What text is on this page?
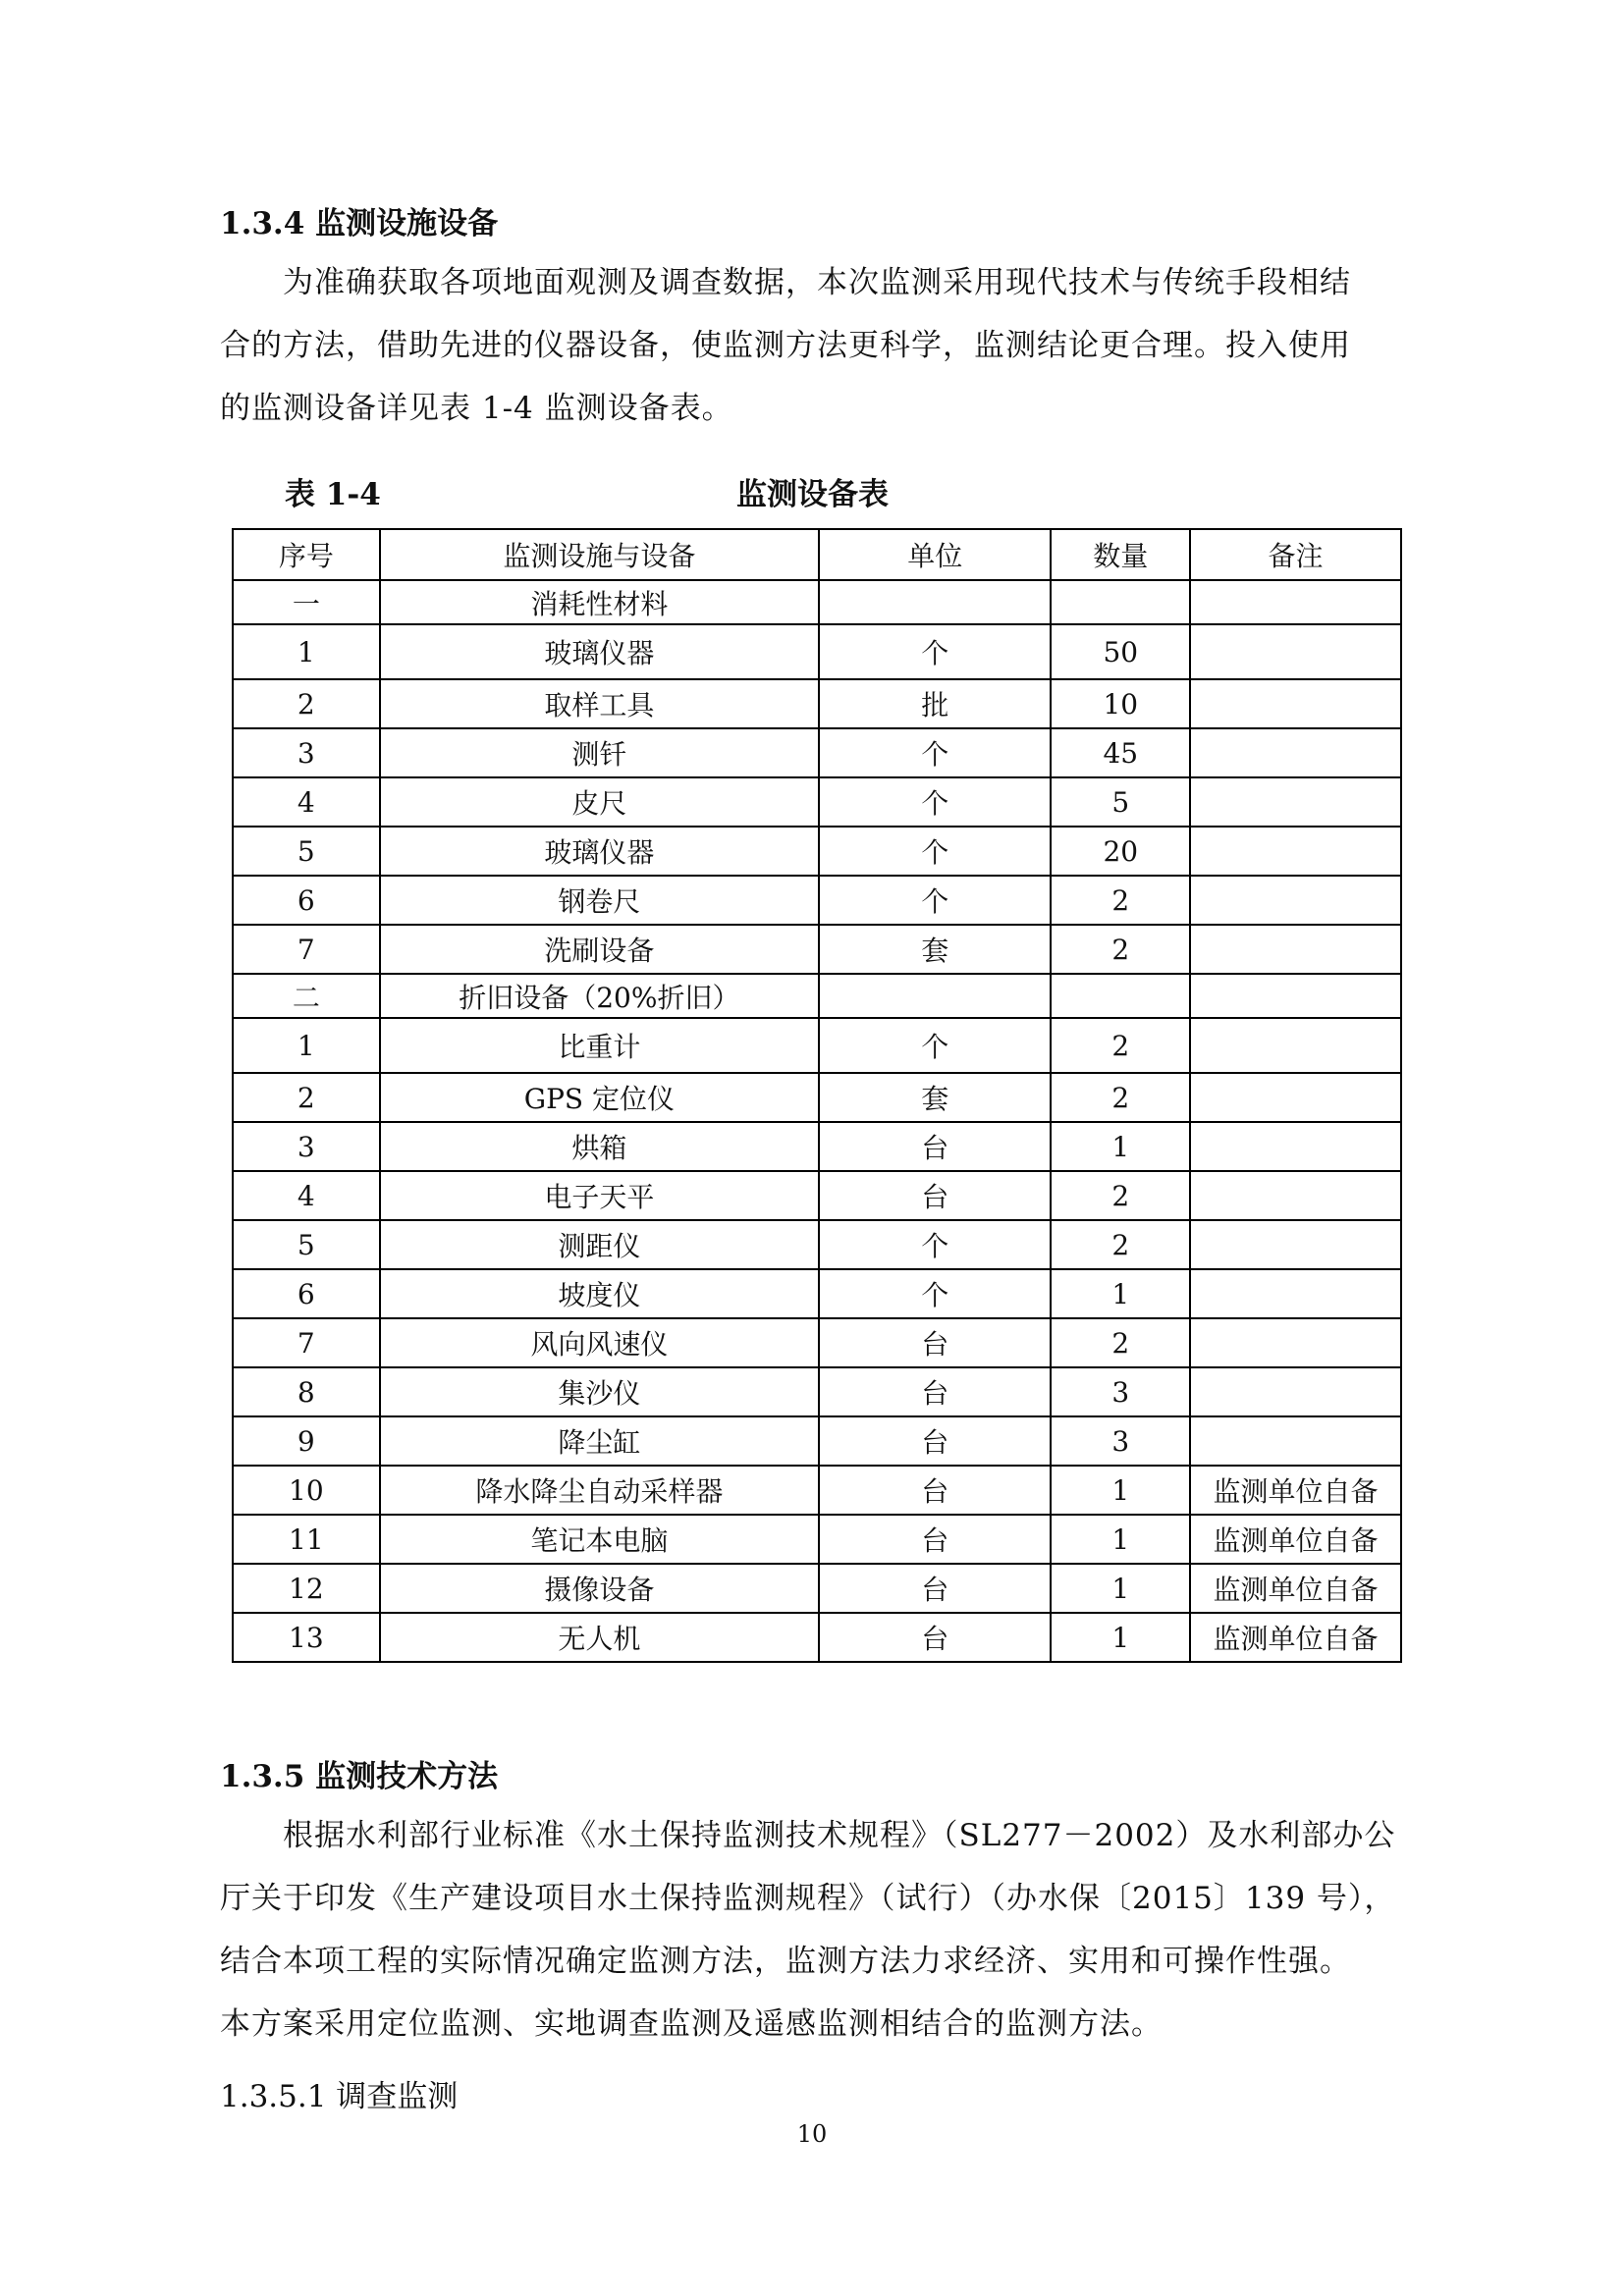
1.3.4 监测设施设备
为准确获取各项地面观测及调查数据，本次监测采用现代技术与传统手段相结
合的方法，借助先进的仪器设备，使监测方法更科学，监测结论更合理。投入使用
的监测设备详见表 1-4 监测设备表。
表 1-4	监测设备表
序号	监测设施与设备	单位	数量	备注
一	消耗性材料			
1	玻璃仪器	个	50	
2	取样工具	批	10	
3	测钎	个	45	
4	皮尺	个	5	
5	玻璃仪器	个	20	
6	钢卷尺	个	2	
7	洗刷设备	套	2	
二	折旧设备（20%折旧）			
1	比重计	个	2	
2	GPS 定位仪	套	2	
3	烘箱	台	1	
4	电子天平	台	2	
5	测距仪	个	2	
6	坡度仪	个	1	
7	风向风速仪	台	2	
8	集沙仪	台	3	
9	降尘缸	台	3	
10	降水降尘自动采样器	台	1	监测单位自备
11	笔记本电脑	台	1	监测单位自备
12	摄像设备	台	1	监测单位自备
13	无人机	台	1	监测单位自备
1.3.5 监测技术方法
根据水利部行业标准《水土保持监测技术规程》（SL277－2002）及水利部办公
厅关于印发《生产建设项目水土保持监测规程》（试行）（办水保〔2015〕139 号），
结合本项工程的实际情况确定监测方法，监测方法力求经济、实用和可操作性强。
本方案采用定位监测、实地调查监测及遥感监测相结合的监测方法。
1.3.5.1 调查监测
10
